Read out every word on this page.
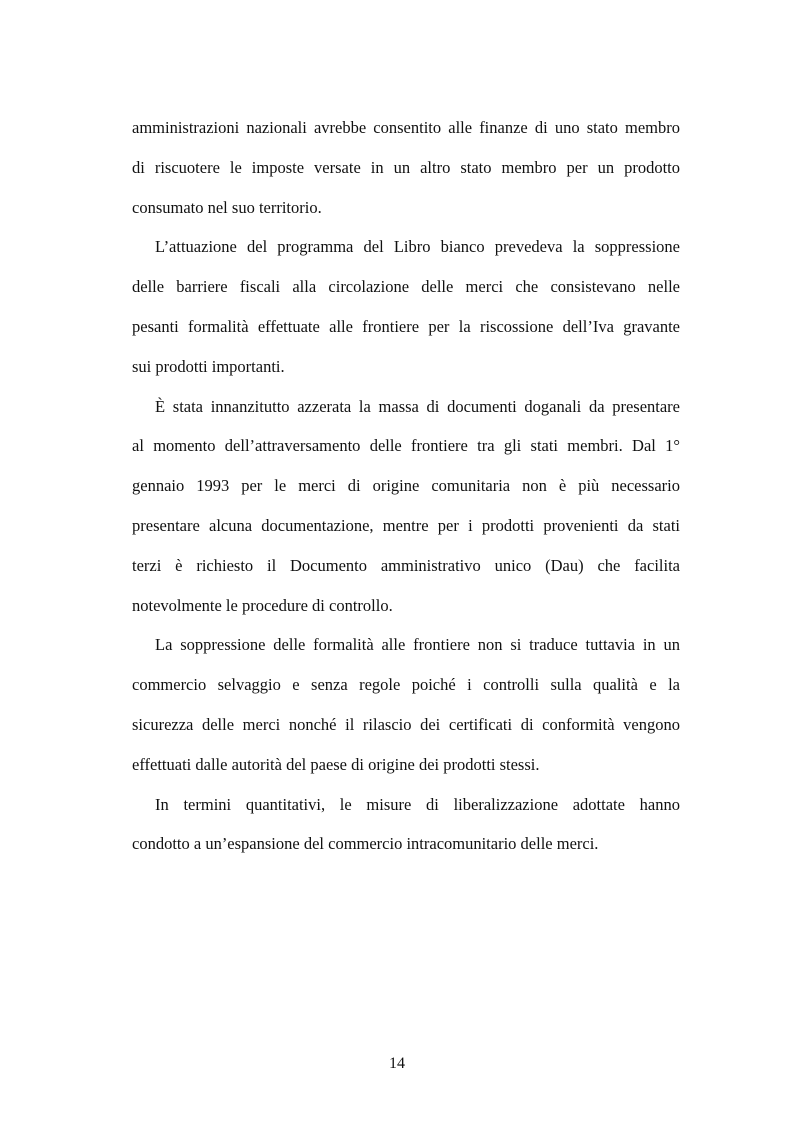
amministrazioni nazionali avrebbe consentito alle finanze di uno stato membro
di riscuotere le imposte versate in un altro stato membro per un prodotto
consumato nel suo territorio.
L’attuazione del programma del Libro bianco prevedeva la soppressione
delle barriere fiscali alla circolazione delle merci che consistevano nelle
pesanti formalità effettuate alle frontiere per la riscossione dell’Iva gravante
sui prodotti importanti.
È stata innanzitutto azzerata la massa di documenti doganali da presentare
al momento dell’attraversamento delle frontiere tra gli stati membri. Dal 1°
gennaio 1993 per le merci di origine comunitaria non è più necessario
presentare alcuna documentazione, mentre per i prodotti provenienti da stati
terzi è richiesto il Documento amministrativo unico (Dau) che facilita
notevolmente le procedure di controllo.
La soppressione delle formalità alle frontiere non si traduce tuttavia in un
commercio selvaggio e senza regole poiché i controlli sulla qualità e la
sicurezza delle merci nonché il rilascio dei certificati di conformità vengono
effettuati dalle autorità del paese di origine dei prodotti stessi.
In termini quantitativi, le misure di liberalizzazione adottate hanno
condotto a un’espansione del commercio intracomunitario delle merci.
14
